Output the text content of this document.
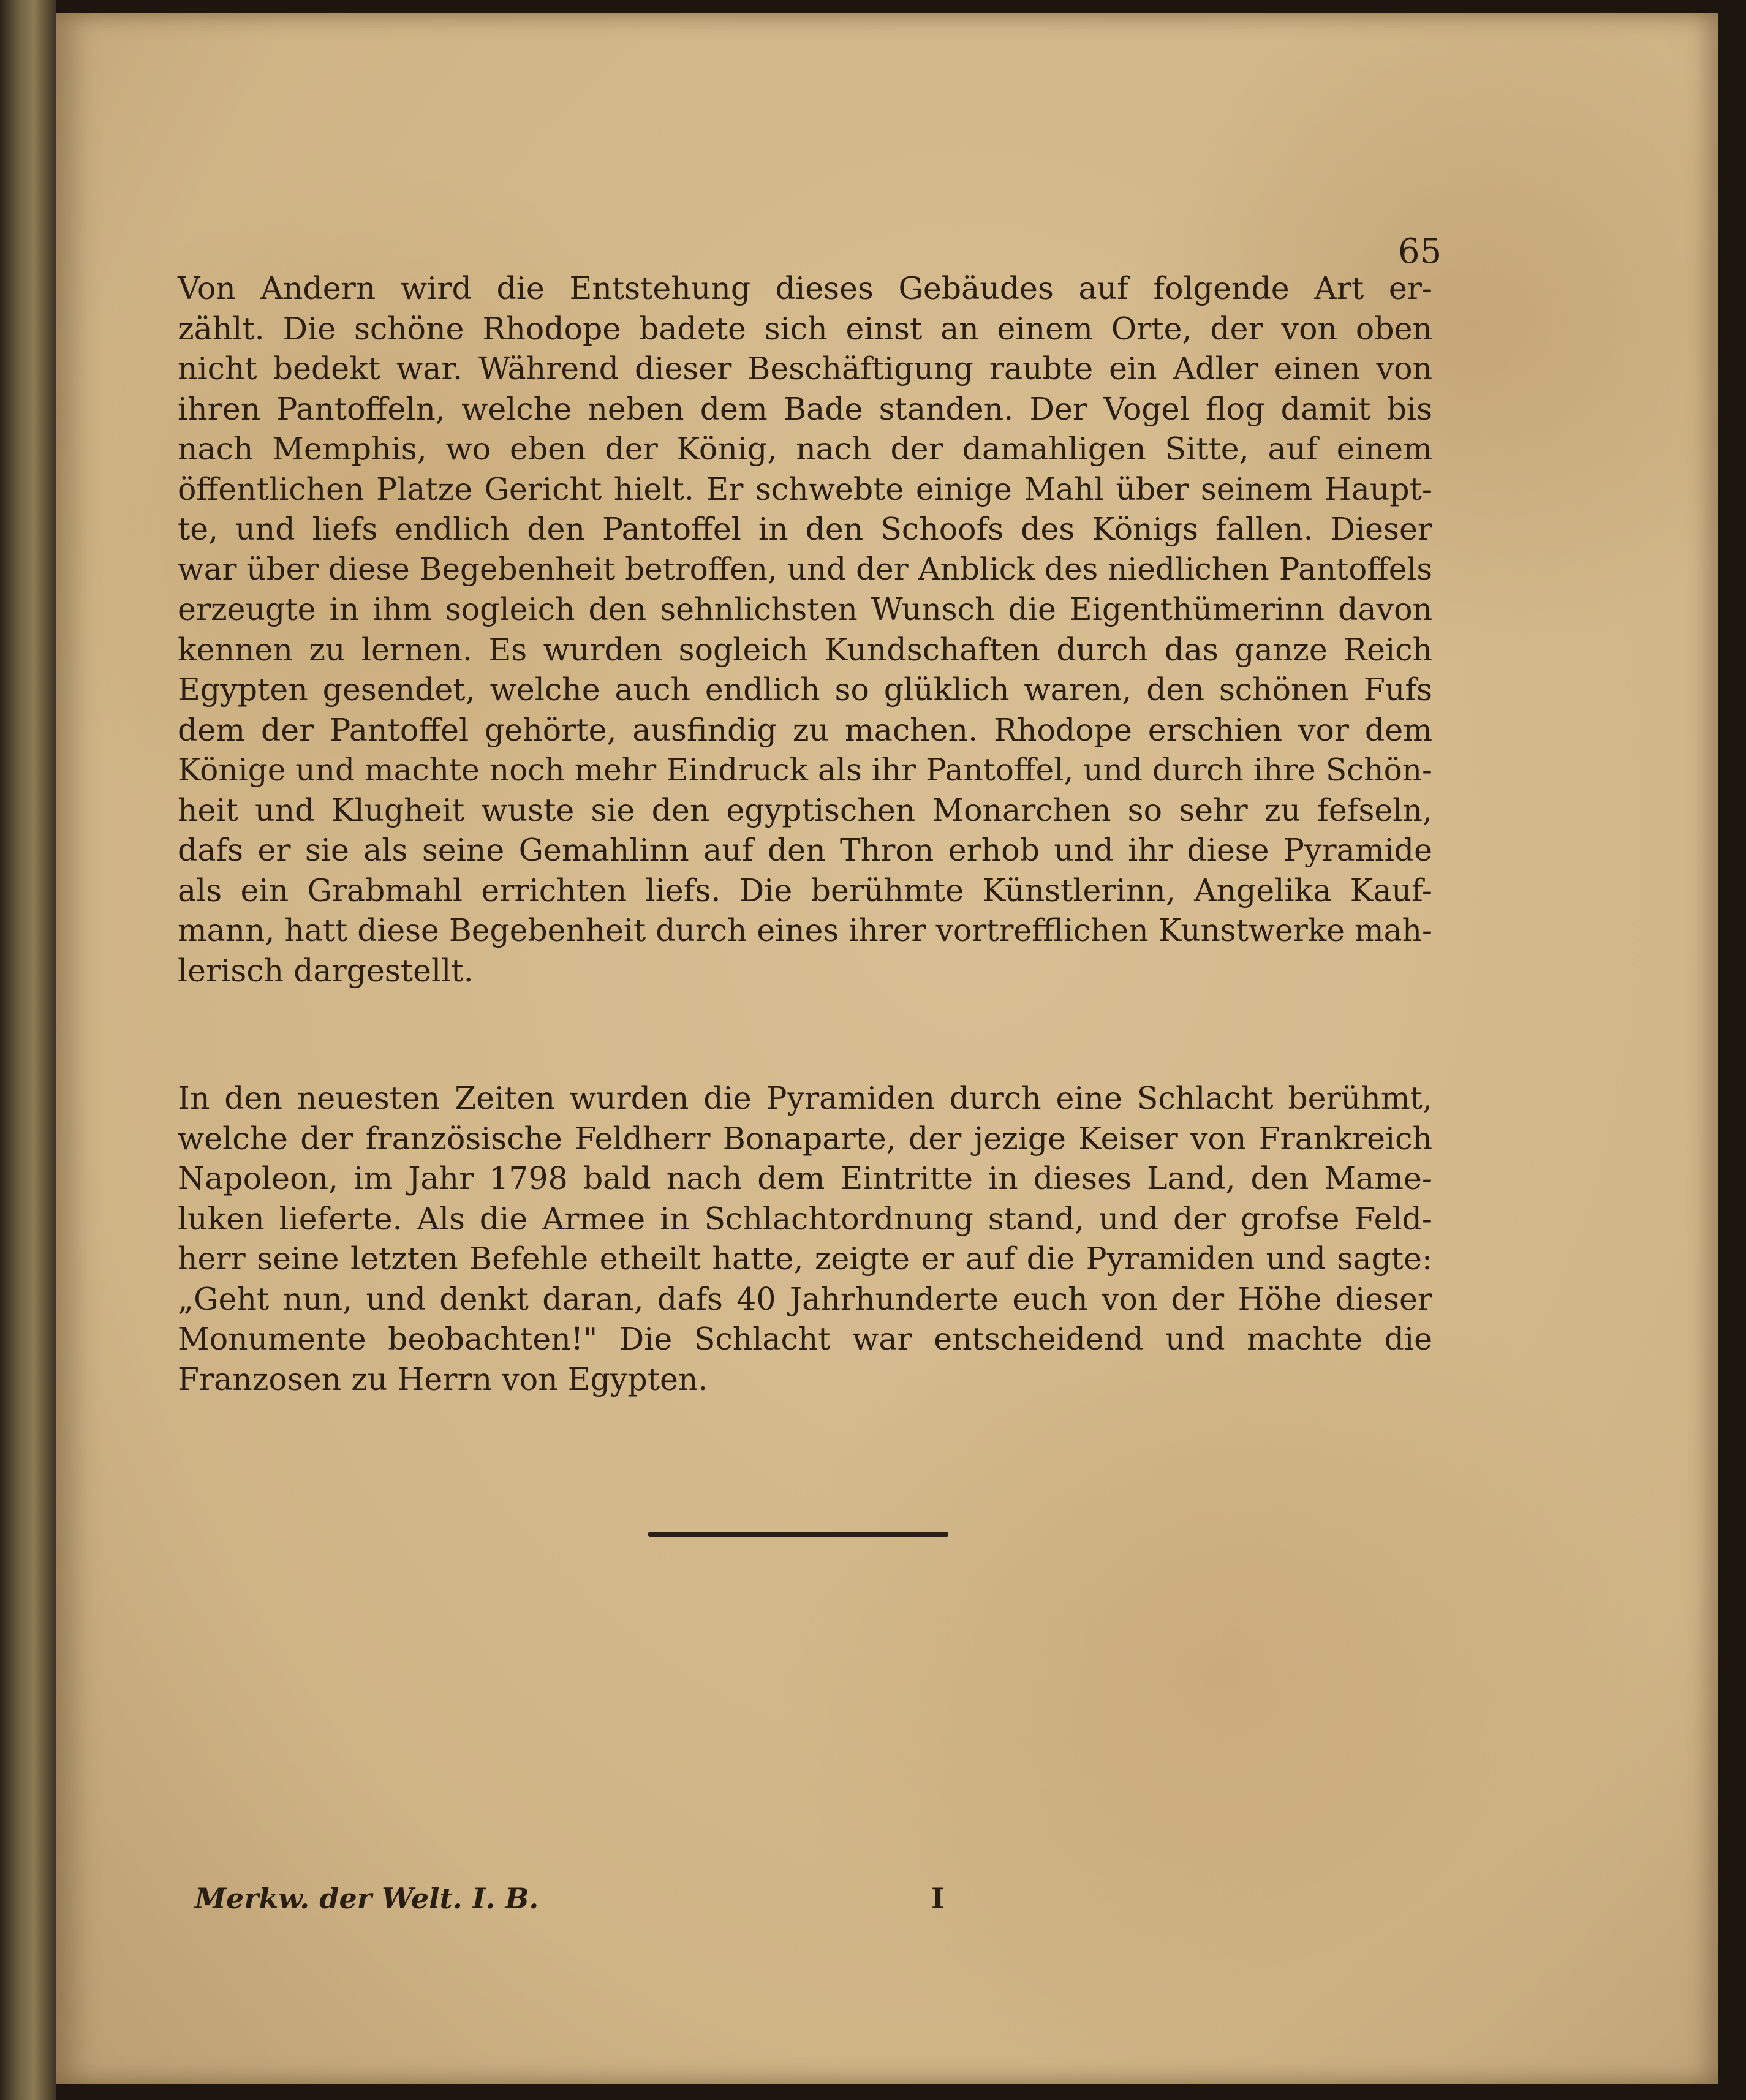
65
Von Andern wird die Entstehung dieses Gebäudes auf folgende Art er-
zählt. Die schöne Rhodope badete sich einst an einem Orte, der von oben
nicht bedekt war. Während dieser Beschäftigung raubte ein Adler einen von
ihren Pantoffeln, welche neben dem Bade standen. Der Vogel flog damit bis
nach Memphis, wo eben der König, nach der damahligen Sitte, auf einem
öffentlichen Platze Gericht hielt. Er schwebte einige Mahl über seinem Haupt-
te, und liefs endlich den Pantoffel in den Schoofs des Königs fallen. Dieser
war über diese Begebenheit betroffen, und der Anblick des niedlichen Pantoffels
erzeugte in ihm sogleich den sehnlichsten Wunsch die Eigenthümerinn davon
kennen zu lernen. Es wurden sogleich Kundschaften durch das ganze Reich
Egypten gesendet, welche auch endlich so glüklich waren, den schönen Fufs
dem der Pantoffel gehörte, ausfindig zu machen. Rhodope erschien vor dem
Könige und machte noch mehr Eindruck als ihr Pantoffel, und durch ihre Schön-
heit und Klugheit wuste sie den egyptischen Monarchen so sehr zu fefseln,
dafs er sie als seine Gemahlinn auf den Thron erhob und ihr diese Pyramide
als ein Grabmahl errichten liefs. Die berühmte Künstlerinn, Angelika Kauf-
mann, hatt diese Begebenheit durch eines ihrer vortrefflichen Kunstwerke mah-
lerisch dargestellt.
In den neuesten Zeiten wurden die Pyramiden durch eine Schlacht berühmt,
welche der französische Feldherr Bonaparte, der jezige Keiser von Frankreich
Napoleon, im Jahr 1798 bald nach dem Eintritte in dieses Land, den Mame-
luken lieferte. Als die Armee in Schlachtordnung stand, und der grofse Feld-
herr seine letzten Befehle etheilt hatte, zeigte er auf die Pyramiden und sagte:
„Geht nun, und denkt daran, dafs 40 Jahrhunderte euch von der Höhe dieser
Monumente beobachten!" Die Schlacht war entscheidend und machte die
Franzosen zu Herrn von Egypten.
Merkw. der Welt. I. B.	I
